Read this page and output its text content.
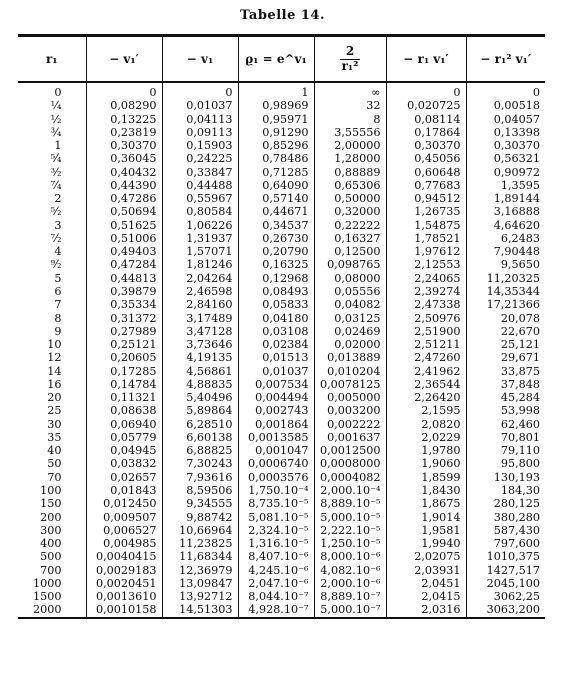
Tabelle 14.
r₁	− v₁′	− v₁	ϱ₁ = e^v₁	$\frac{2}{\text{r₁²}}$	− r₁ v₁′	− r₁² v₁′
0	0	0	1	∞	0	0
¼	0,08290	0,01037	0,98969	32	0,020725	0,00518
½	0,13225	0,04113	0,95971	8	0,08114	0,04057
¾	0,23819	0,09113	0,91290	3,55556	0,17864	0,13398
1	0,30370	0,15903	0,85296	2,00000	0,30370	0,30370
⁵⁄₄	0,36045	0,24225	0,78486	1,28000	0,45056	0,56321
³⁄₂	0,40432	0,33847	0,71285	0,88889	0,60648	0,90972
⁷⁄₄	0,44390	0,44488	0,64090	0,65306	0,77683	1,3595
2	0,47286	0,55967	0,57140	0,50000	0,94512	1,89144
⁵⁄₂	0,50694	0,80584	0,44671	0,32000	1,26735	3,16888
3	0,51625	1,06226	0,34537	0,22222	1,54875	4,64620
⁷⁄₂	0,51006	1,31937	0,26730	0,16327	1,78521	6,2483
4	0,49403	1,57071	0,20790	0,12500	1,97612	7,90448
⁹⁄₂	0,47284	1,81246	0,16325	0,098765	2,12553	9,5650
5	0,44813	2,04264	0,12968	0,08000	2,24065	11,20325
6	0,39879	2,46598	0,08493	0,05556	2,39274	14,35344
7	0,35334	2,84160	0,05833	0,04082	2,47338	17,21366
8	0,31372	3,17489	0,04180	0,03125	2,50976	20,078
9	0,27989	3,47128	0,03108	0,02469	2,51900	22,670
10	0,25121	3,73646	0,02384	0,02000	2,51211	25,121
12	0,20605	4,19135	0,01513	0,013889	2,47260	29,671
14	0,17285	4,56861	0,01037	0,010204	2,41962	33,875
16	0,14784	4,88835	0,007534	0,0078125	2,36544	37,848
20	0,11321	5,40496	0,004494	0,005000	2,26420	45,284
25	0,08638	5,89864	0,002743	0,003200	2,1595	53,998
30	0,06940	6,28510	0,001864	0,002222	2,0820	62,460
35	0,05779	6,60138	0,0013585	0,001637	2,0229	70,801
40	0,04945	6,88825	0,001047	0,0012500	1,9780	79,110
50	0,03832	7,30243	0,0006740	0,0008000	1,9060	95,800
70	0,02657	7,93616	0,0003576	0,0004082	1,8599	130,193
100	0,01843	8,59506	1,750.10⁻⁴	2,000.10⁻⁴	1,8430	184,30
150	0,012450	9,34555	8,735.10⁻⁵	8,889.10⁻⁵	1,8675	280,125
200	0,009507	9,88742	5,081.10⁻⁵	5,000.10⁻⁵	1,9014	380,280
300	0,006527	10,66964	2,324.10⁻⁵	2,222.10⁻⁵	1,9581	587,430
400	0,004985	11,23825	1,316.10⁻⁵	1,250.10⁻⁵	1,9940	797,600
500	0,0040415	11,68344	8,407.10⁻⁶	8,000.10⁻⁶	2,02075	1010,375
700	0,0029183	12,36979	4,245.10⁻⁶	4,082.10⁻⁶	2,03931	1427,517
1000	0,0020451	13,09847	2,047.10⁻⁶	2,000.10⁻⁶	2,0451	2045,100
1500	0,0013610	13,92712	8,044.10⁻⁷	8,889.10⁻⁷	2,0415	3062,25
2000	0,0010158	14,51303	4,928.10⁻⁷	5,000.10⁻⁷	2,0316	3063,200
